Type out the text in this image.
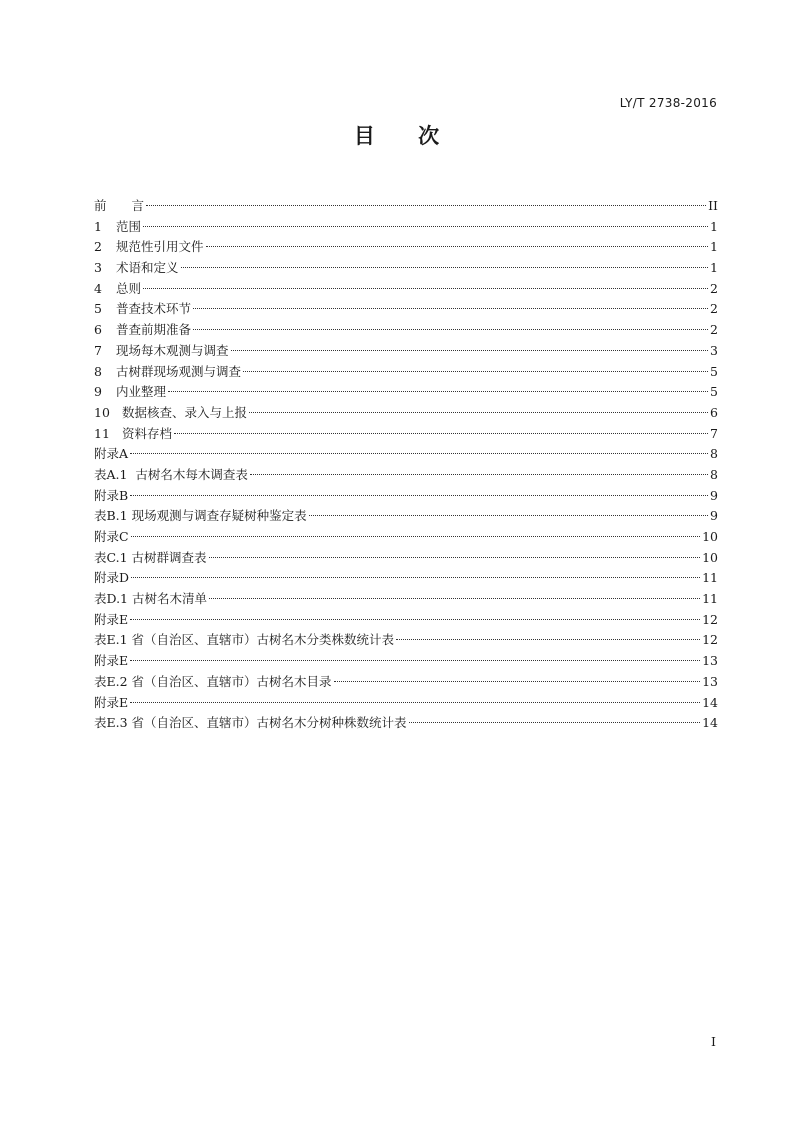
LY/T 2738-2016
目 次
前　　言	II
1	范围	1
2	规范性引用文件	1
3	术语和定义	1
4	总则	2
5	普查技术环节	2
6	普查前期准备	2
7	现场每木观测与调查	3
8	古树群现场观测与调查	5
9	内业整理	5
10 数据核查、录入与上报	6
11 资料存档	7
附录A	8
表A.1  古树名木每木调查表	8
附录B	9
表B.1 现场观测与调查存疑树种鉴定表	9
附录C	10
表C.1 古树群调查表	10
附录D	11
表D.1 古树名木清单	11
附录E	12
表E.1 省（自治区、直辖市）古树名木分类株数统计表	12
附录E	13
表E.2 省（自治区、直辖市）古树名木目录	13
附录E	14
表E.3 省（自治区、直辖市）古树名木分树种株数统计表	14
I
